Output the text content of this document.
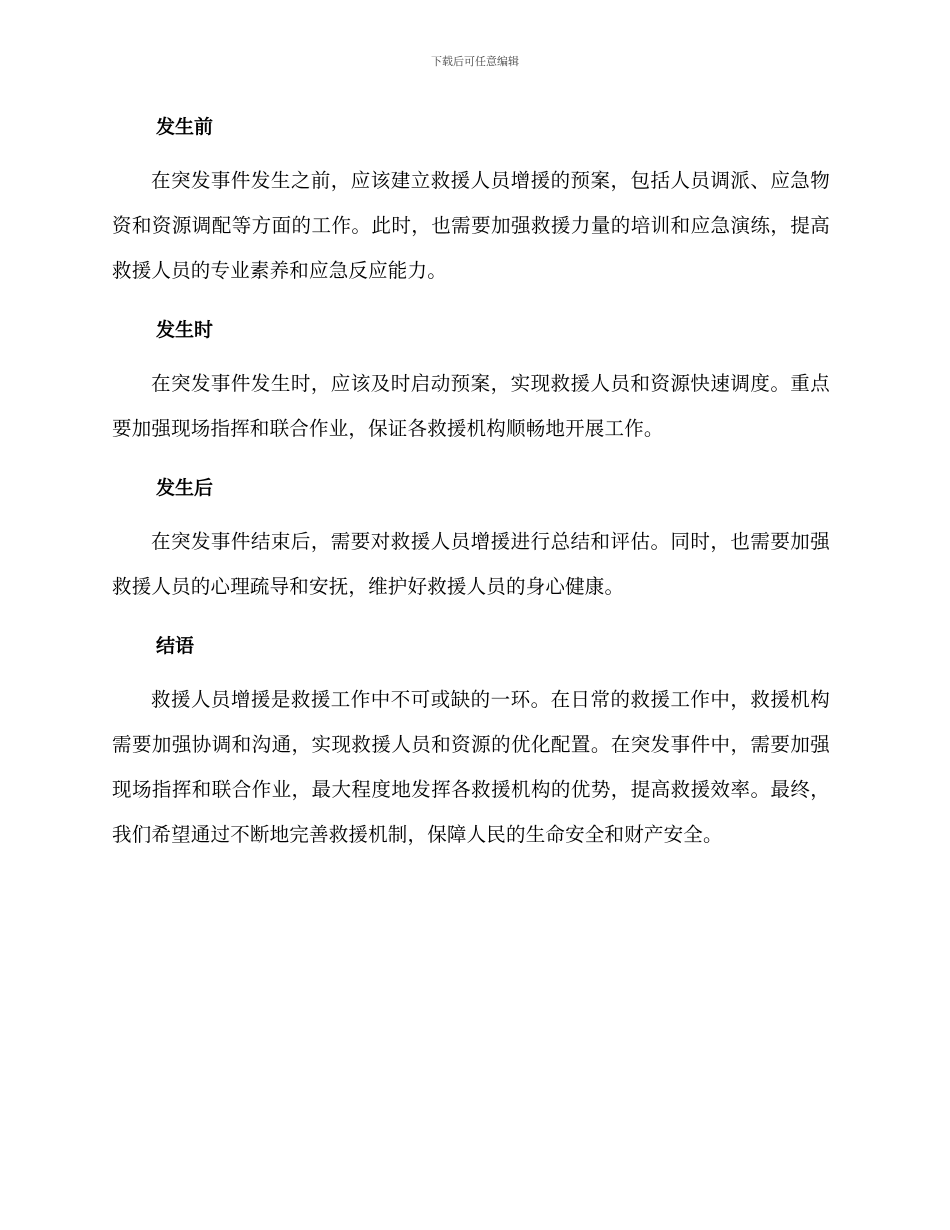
下载后可任意编辑
发生前

在突发事件发生之前，应该建立救援人员增援的预案，包括人员调派、应急物资和资源调配等方面的工作。此时，也需要加强救援力量的培训和应急演练，提高救援人员的专业素养和应急反应能力。

发生时

在突发事件发生时，应该及时启动预案，实现救援人员和资源快速调度。重点要加强现场指挥和联合作业，保证各救援机构顺畅地开展工作。

发生后

在突发事件结束后，需要对救援人员增援进行总结和评估。同时，也需要加强救援人员的心理疏导和安抚，维护好救援人员的身心健康。

结语

救援人员增援是救援工作中不可或缺的一环。在日常的救援工作中，救援机构需要加强协调和沟通，实现救援人员和资源的优化配置。在突发事件中，需要加强现场指挥和联合作业，最大程度地发挥各救援机构的优势，提高救援效率。最终，我们希望通过不断地完善救援机制，保障人民的生命安全和财产安全。
